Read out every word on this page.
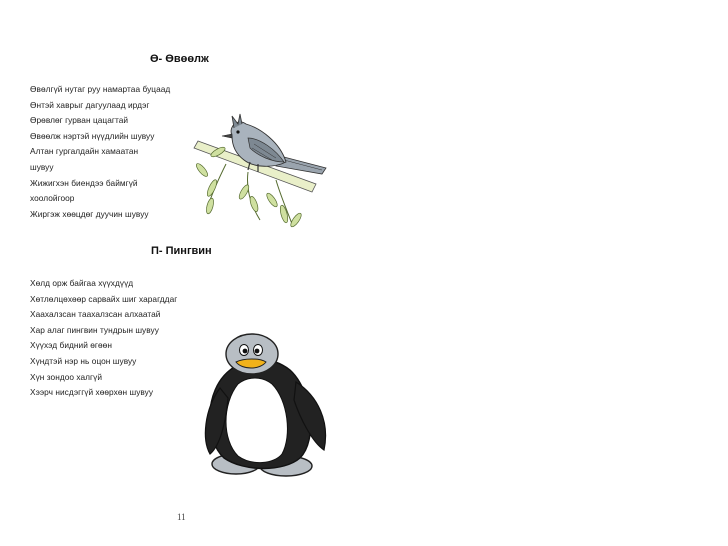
Ө- Өвөөлж
Өвөлгүй нутаг руу намартаа буцаад
Өнтэй хаврыг дагуулаад ирдэг
Өрөвлөг гурван цацагтай
Өвөөлж нэртэй нүүдлийн шувуу
Алтан гургалдайн хамаатан
шувуу
Жижигхэн биендээ баймгүй
хоолойгоор
Жиргэж хөөцдөг дуучин шувуу
П- Пингвин
Хөлд орж байгаа хүүхдүүд
Хөтлөлцөхөөр сарвайх шиг харагддаг
Хаахалзсан таахалзсан алхаатай
Хар алаг пингвин тундрын шувуу
Хүүхэд бидний өгөөн
Хүндтэй нэр нь оцон шувуу
Хүн зондоо халгүй
Хээрч нисдэггүй хөөрхөн шувуу
11
